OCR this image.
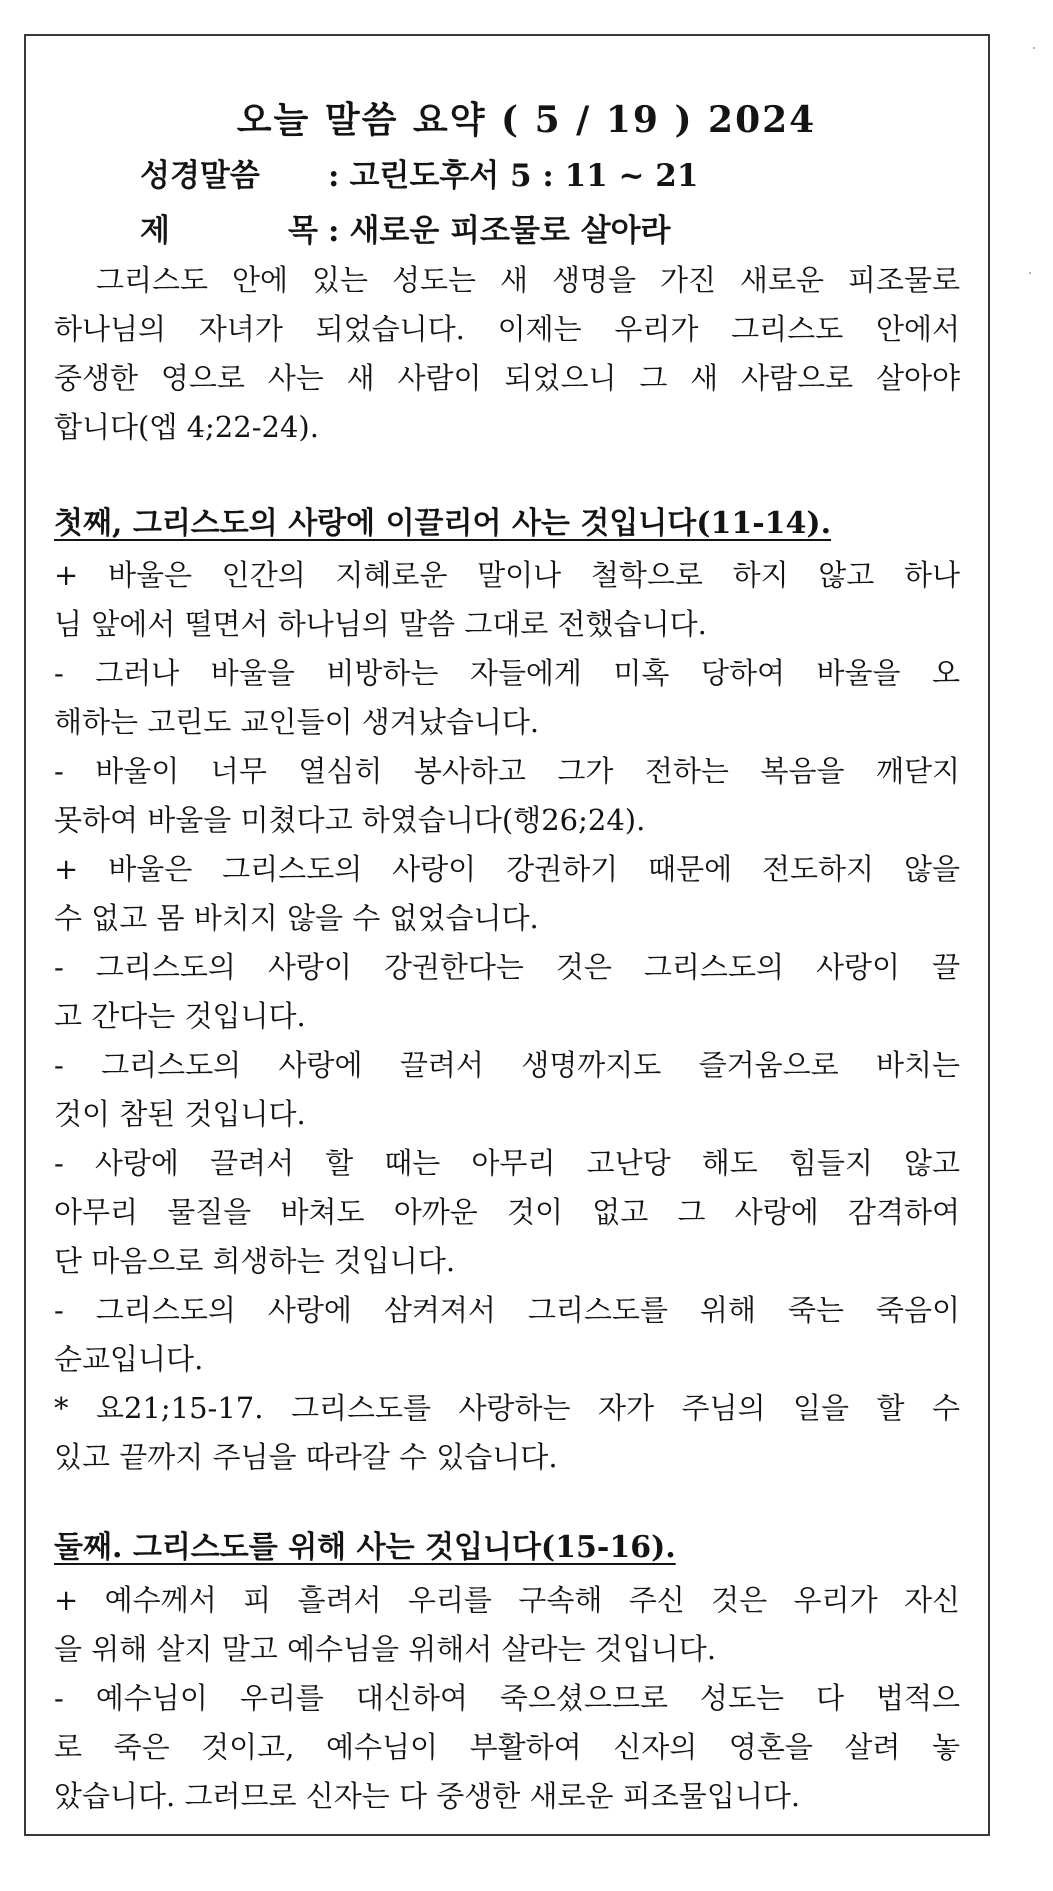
오늘 말씀 요약 ( 5 / 19 ) 2024
성경말씀 : 고린도후서 5 : 11 ~ 21
제 목 : 새로운 피조물로 살아라
그리스도 안에 있는 성도는 새 생명을 가진 새로운 피조물로
하나님의 자녀가 되었습니다. 이제는 우리가 그리스도 안에서
중생한 영으로 사는 새 사람이 되었으니 그 새 사람으로 살아야
합니다(엡 4;22-24).
첫째, 그리스도의 사랑에 이끌리어 사는 것입니다(11-14).
+ 바울은 인간의 지혜로운 말이나 철학으로 하지 않고 하나
님 앞에서 떨면서 하나님의 말씀 그대로 전했습니다.
- 그러나 바울을 비방하는 자들에게 미혹 당하여 바울을 오
해하는 고린도 교인들이 생겨났습니다.
- 바울이 너무 열심히 봉사하고 그가 전하는 복음을 깨닫지
못하여 바울을 미쳤다고 하였습니다(행26;24).
+ 바울은 그리스도의 사랑이 강권하기 때문에 전도하지 않을
수 없고 몸 바치지 않을 수 없었습니다.
- 그리스도의 사랑이 강권한다는 것은 그리스도의 사랑이 끌
고 간다는 것입니다.
- 그리스도의 사랑에 끌려서 생명까지도 즐거움으로 바치는
것이 참된 것입니다.
- 사랑에 끌려서 할 때는 아무리 고난당 해도 힘들지 않고
아무리 물질을 바쳐도 아까운 것이 없고 그 사랑에 감격하여
단 마음으로 희생하는 것입니다.
- 그리스도의 사랑에 삼켜져서 그리스도를 위해 죽는 죽음이
순교입니다.
* 요21;15-17. 그리스도를 사랑하는 자가 주님의 일을 할 수
있고 끝까지 주님을 따라갈 수 있습니다.
둘째. 그리스도를 위해 사는 것입니다(15-16).
+ 예수께서 피 흘려서 우리를 구속해 주신 것은 우리가 자신
을 위해 살지 말고 예수님을 위해서 살라는 것입니다.
- 예수님이 우리를 대신하여 죽으셨으므로 성도는 다 법적으
로 죽은 것이고, 예수님이 부활하여 신자의 영혼을 살려 놓
았습니다. 그러므로 신자는 다 중생한 새로운 피조물입니다.
